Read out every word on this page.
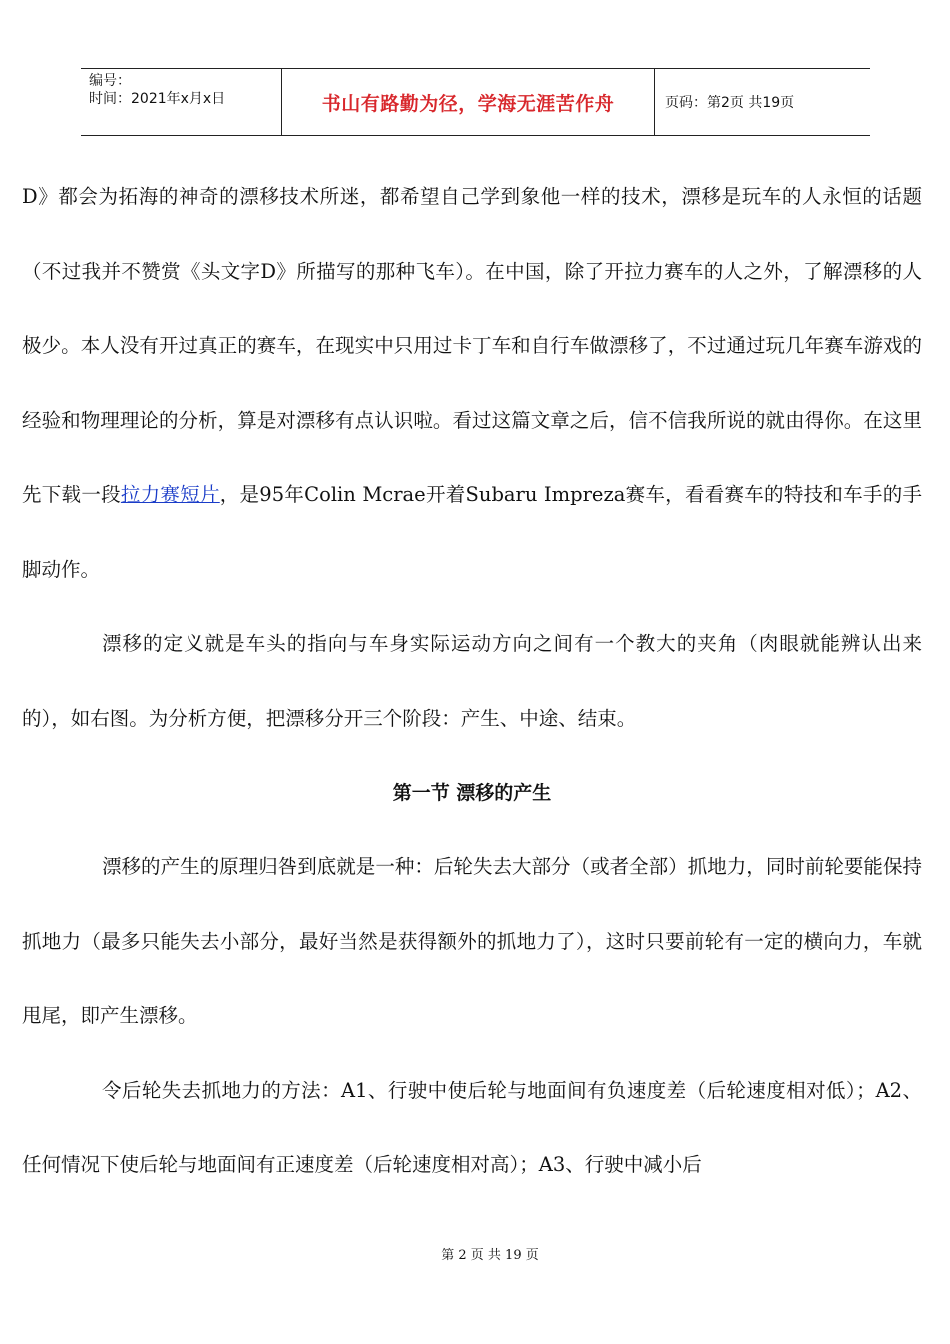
编号：
时间：2021年x月x日	书山有路勤为径，学海无涯苦作舟	页码：第2页 共19页

D》都会为拓海的神奇的漂移技术所迷，都希望自己学到象他一样的技术，漂移是玩车的人永恒的话题（不过我并不赞赏《头文字D》所描写的那种飞车）。在中国，除了开拉力赛车的人之外，了解漂移的人极少。本人没有开过真正的赛车，在现实中只用过卡丁车和自行车做漂移了，不过通过玩几年赛车游戏的经验和物理理论的分析，算是对漂移有点认识啦。看过这篇文章之后，信不信我所说的就由得你。在这里先下载一段拉力赛短片，是95年Colin Mcrae开着Subaru Impreza赛车，看看赛车的特技和车手的手脚动作。

漂移的定义就是车头的指向与车身实际运动方向之间有一个教大的夹角（肉眼就能辨认出来的），如右图。为分析方便，把漂移分开三个阶段：产生、中途、结束。

第一节 漂移的产生

漂移的产生的原理归咎到底就是一种：后轮失去大部分（或者全部）抓地力，同时前轮要能保持抓地力（最多只能失去小部分，最好当然是获得额外的抓地力了），这时只要前轮有一定的横向力，车就甩尾，即产生漂移。

令后轮失去抓地力的方法：A1、行驶中使后轮与地面间有负速度差（后轮速度相对低）；A2、任何情况下使后轮与地面间有正速度差（后轮速度相对高）；A3、行驶中减小后

第 2 页 共 19 页
